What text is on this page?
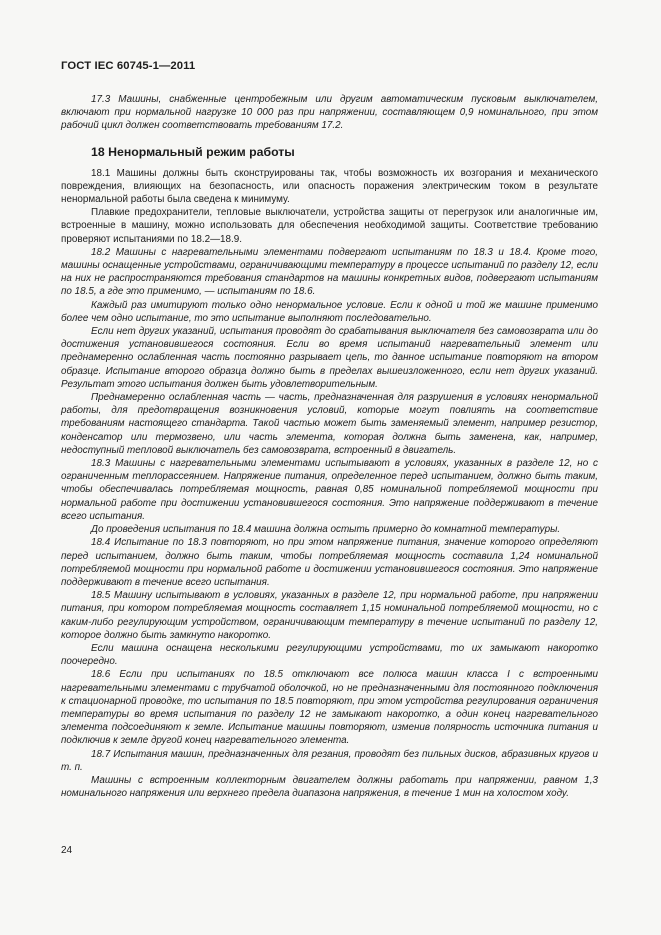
ГОСТ IEC 60745-1—2011

17.3 Машины, снабженные центробежным или другим автоматическим пусковым выключателем, включают при нормальной нагрузке 10 000 раз при напряжении, составляющем 0,9 номинального, при этом рабочий цикл должен соответствовать требованиям 17.2.

18 Ненормальный режим работы

18.1 Машины должны быть сконструированы так, чтобы возможность их возгорания и механического повреждения, влияющих на безопасность, или опасность поражения электрическим током в результате ненормальной работы была сведена к минимуму.

Плавкие предохранители, тепловые выключатели, устройства защиты от перегрузок или аналогичные им, встроенные в машину, можно использовать для обеспечения необходимой защиты. Соответствие требованию проверяют испытаниями по 18.2—18.9.

18.2 Машины с нагревательными элементами подвергают испытаниям по 18.3 и 18.4. Кроме того, машины оснащенные устройствами, ограничивающими температуру в процессе испытаний по разделу 12, если на них не распространяются требования стандартов на машины конкретных видов, подвергают испытаниям по 18.5, а где это применимо, — испытаниям по 18.6.

Каждый раз имитируют только одно ненормальное условие. Если к одной и той же машине применимо более чем одно испытание, то это испытание выполняют последовательно.

Если нет других указаний, испытания проводят до срабатывания выключателя без самовозврата или до достижения установившегося состояния. Если во время испытаний нагревательный элемент или преднамеренно ослабленная часть постоянно разрывает цепь, то данное испытание повторяют на втором образце. Испытание второго образца должно быть в пределах вышеизложенного, если нет других указаний. Результат этого испытания должен быть удовлетворительным.

Преднамеренно ослабленная часть — часть, предназначенная для разрушения в условиях ненормальной работы, для предотвращения возникновения условий, которые могут повлиять на соответствие требованиям настоящего стандарта. Такой частью может быть заменяемый элемент, например резистор, конденсатор или термозвено, или часть элемента, которая должна быть заменена, как, например, недоступный тепловой выключатель без самовозврата, встроенный в двигатель.

18.3 Машины с нагревательными элементами испытывают в условиях, указанных в разделе 12, но с ограниченным теплорассеянием. Напряжение питания, определенное перед испытанием, должно быть таким, чтобы обеспечивалась потребляемая мощность, равная 0,85 номинальной потребляемой мощности при нормальной работе при достижении установившегося состояния. Это напряжение поддерживают в течение всего испытания.

До проведения испытания по 18.4 машина должна остыть примерно до комнатной температуры.

18.4 Испытание по 18.3 повторяют, но при этом напряжение питания, значение которого определяют перед испытанием, должно быть таким, чтобы потребляемая мощность составила 1,24 номинальной потребляемой мощности при нормальной работе и достижении установившегося состояния. Это напряжение поддерживают в течение всего испытания.

18.5 Машину испытывают в условиях, указанных в разделе 12, при нормальной работе, при напряжении питания, при котором потребляемая мощность составляет 1,15 номинальной потребляемой мощности, но с каким-либо регулирующим устройством, ограничивающим температуру в течение испытаний по разделу 12, которое должно быть замкнуто накоротко.

Если машина оснащена несколькими регулирующими устройствами, то их замыкают накоротко поочередно.

18.6 Если при испытаниях по 18.5 отключают все полюса машин класса I с встроенными нагревательными элементами с трубчатой оболочкой, но не предназначенными для постоянного подключения к стационарной проводке, то испытания по 18.5 повторяют, при этом устройства регулирования ограничения температуры во время испытания по разделу 12 не замыкают накоротко, а один конец нагревательного элемента подсоединяют к земле. Испытание машины повторяют, изменив полярность источника питания и подключив к земле другой конец нагревательного элемента.

18.7 Испытания машин, предназначенных для резания, проводят без пильных дисков, абразивных кругов и т. п.

Машины с встроенным коллекторным двигателем должны работать при напряжении, равном 1,3 номинального напряжения или верхнего предела диапазона напряжения, в течение 1 мин на холостом ходу.

24
